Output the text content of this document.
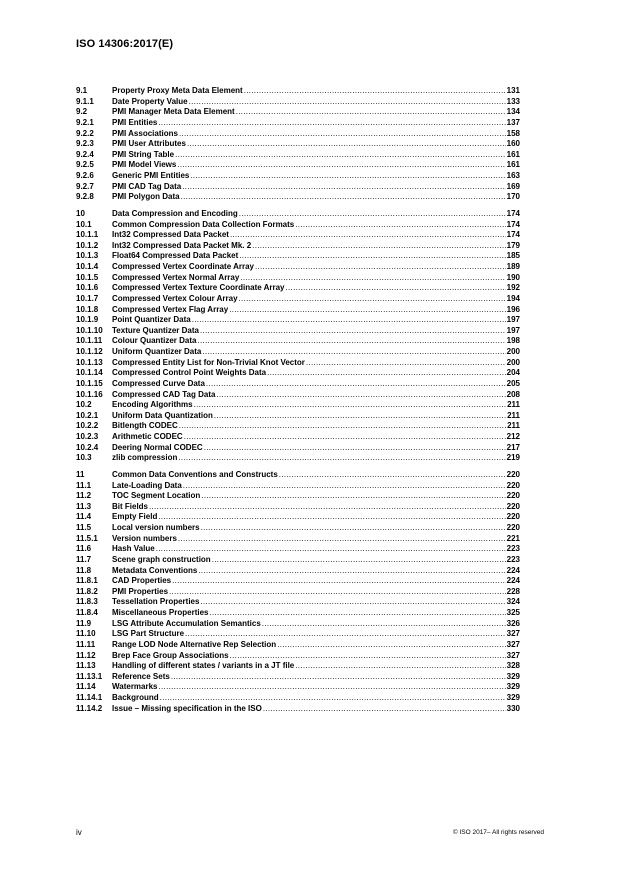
ISO 14306:2017(E)
9.1	Property Proxy Meta Data Element .....	131
9.1.1	Date Property Value .....	133
9.2	PMI Manager Meta Data Element .....	134
9.2.1	PMI Entities .....	137
9.2.2	PMI Associations .....	158
9.2.3	PMI User Attributes .....	160
9.2.4	PMI String Table .....	161
9.2.5	PMI Model Views .....	161
9.2.6	Generic PMI Entities .....	163
9.2.7	PMI CAD Tag Data .....	169
9.2.8	PMI Polygon Data .....	170
10	Data Compression and Encoding .....	174
10.1	Common Compression Data Collection Formats .....	174
10.1.1	Int32 Compressed Data Packet .....	174
10.1.2	Int32 Compressed Data Packet Mk. 2 .....	179
10.1.3	Float64 Compressed Data Packet .....	185
10.1.4	Compressed Vertex Coordinate Array .....	189
10.1.5	Compressed Vertex Normal Array .....	190
10.1.6	Compressed Vertex Texture Coordinate Array .....	192
10.1.7	Compressed Vertex Colour Array .....	194
10.1.8	Compressed Vertex Flag Array .....	196
10.1.9	Point Quantizer Data .....	197
10.1.10	Texture Quantizer Data .....	197
10.1.11	Colour Quantizer Data .....	198
10.1.12	Uniform Quantizer Data .....	200
10.1.13	Compressed Entity List for Non-Trivial Knot Vector .....	200
10.1.14	Compressed Control Point Weights Data .....	204
10.1.15	Compressed Curve Data .....	205
10.1.16	Compressed CAD Tag Data .....	208
10.2	Encoding Algorithms .....	211
10.2.1	Uniform Data Quantization .....	211
10.2.2	Bitlength CODEC .....	211
10.2.3	Arithmetic CODEC .....	212
10.2.4	Deering Normal CODEC .....	217
10.3	zlib compression .....	219
11	Common Data Conventions and Constructs .....	220
11.1	Late-Loading Data .....	220
11.2	TOC Segment Location .....	220
11.3	Bit Fields .....	220
11.4	Empty Field .....	220
11.5	Local version numbers .....	220
11.5.1	Version numbers .....	221
11.6	Hash Value .....	223
11.7	Scene graph construction .....	223
11.8	Metadata Conventions .....	224
11.8.1	CAD Properties .....	224
11.8.2	PMI Properties .....	228
11.8.3	Tessellation Properties .....	324
11.8.4	Miscellaneous Properties .....	325
11.9	LSG Attribute Accumulation Semantics .....	326
11.10	LSG Part Structure .....	327
11.11	Range LOD Node Alternative Rep Selection .....	327
11.12	Brep Face Group Associations .....	327
11.13	Handling of different states / variants in a JT file .....	328
11.13.1	Reference Sets .....	329
11.14	Watermarks .....	329
11.14.1	Background .....	329
11.14.2	Issue – Missing specification in the ISO .....	330
iv	© ISO 2017– All rights reserved
